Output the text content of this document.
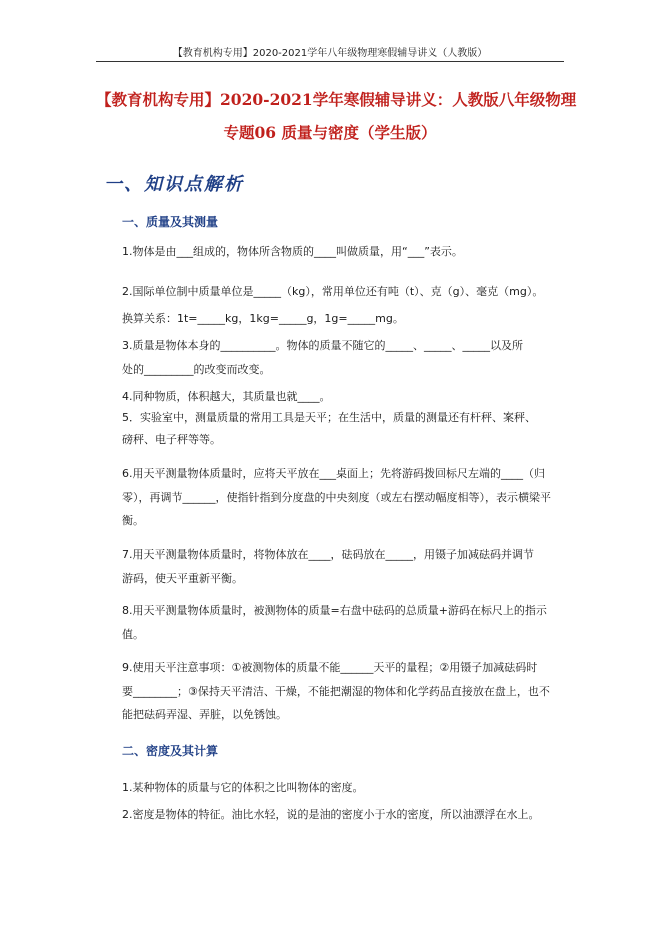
【教育机构专用】2020-2021学年八年级物理寒假辅导讲义（人教版）
【教育机构专用】2020-2021学年寒假辅导讲义：人教版八年级物理
专题06 质量与密度（学生版）
一、知识点解析
一、质量及其测量
1.物体是由___组成的，物体所含物质的____叫做质量，用“___”表示。
2.国际单位制中质量单位是_____（kg），常用单位还有吨（t）、克（g）、毫克（mg）。
换算关系：1t=_____kg，1kg=_____g，1g=_____mg。
3.质量是物体本身的__________。物体的质量不随它的_____、_____、_____以及所
处的_________的改变而改变。
4.同种物质，体积越大，其质量也就____。
5．实验室中，测量质量的常用工具是天平；在生活中，质量的测量还有杆秤、案秤、
磅秤、电子秤等等。
6.用天平测量物体质量时，应将天平放在___桌面上；先将游码拨回标尺左端的____（归
零），再调节______，使指针指到分度盘的中央刻度（或左右摆动幅度相等），表示横梁平
衡。
7.用天平测量物体质量时，将物体放在____，砝码放在_____，用镊子加减砝码并调节
游码，使天平重新平衡。
8.用天平测量物体质量时，被测物体的质量=右盘中砝码的总质量+游码在标尺上的指示
值。
9.使用天平注意事项：①被测物体的质量不能______天平的量程；②用镊子加减砝码时
要________；③保持天平清洁、干燥，不能把潮湿的物体和化学药品直接放在盘上，也不
能把砝码弄湿、弄脏，以免锈蚀。
二、密度及其计算
1.某种物体的质量与它的体积之比叫物体的密度。
2.密度是物体的特征。油比水轻，说的是油的密度小于水的密度，所以油漂浮在水上。
